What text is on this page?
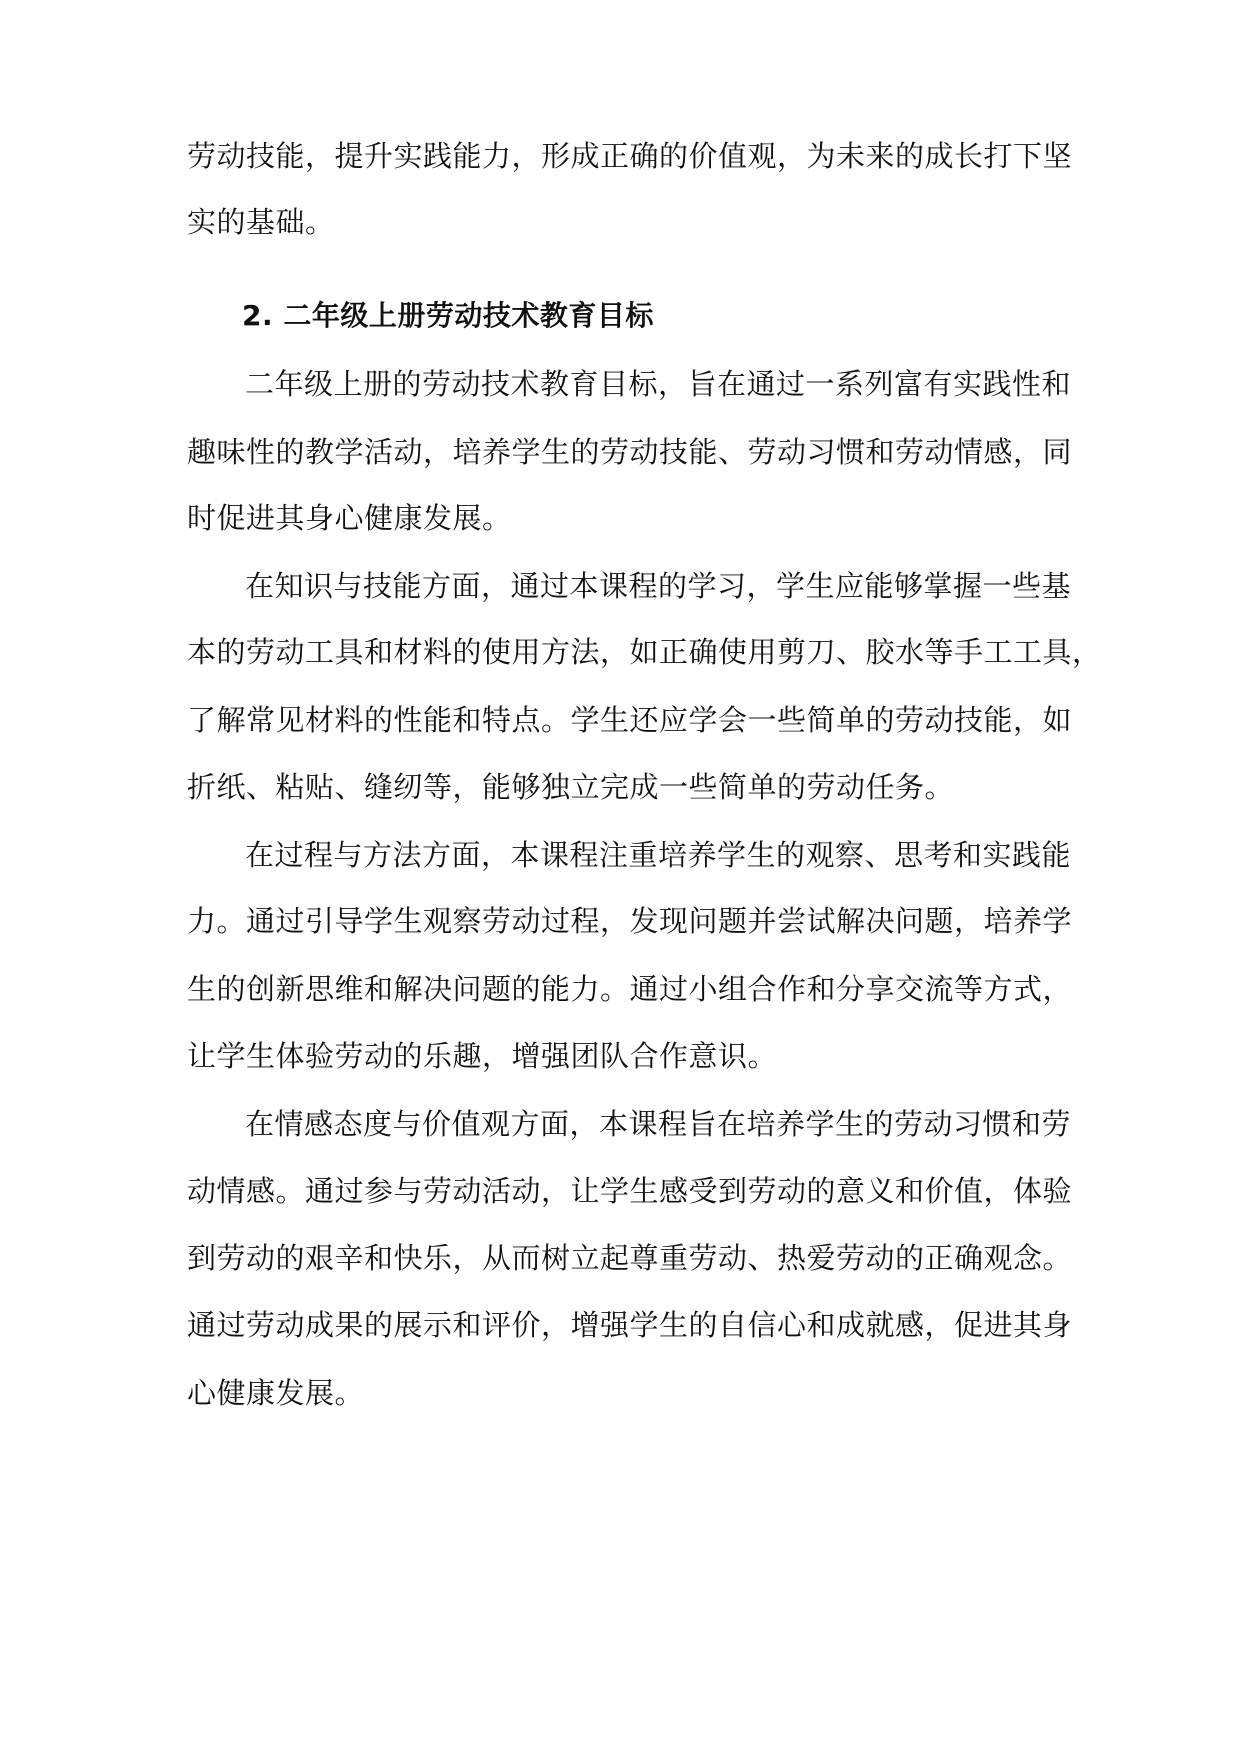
劳动技能，提升实践能力，形成正确的价值观，为未来的成长打下坚
实的基础。
2. 二年级上册劳动技术教育目标
二年级上册的劳动技术教育目标，旨在通过一系列富有实践性和
趣味性的教学活动，培养学生的劳动技能、劳动习惯和劳动情感，同
时促进其身心健康发展。
在知识与技能方面，通过本课程的学习，学生应能够掌握一些基
本的劳动工具和材料的使用方法，如正确使用剪刀、胶水等手工工具，
了解常见材料的性能和特点。学生还应学会一些简单的劳动技能，如
折纸、粘贴、缝纫等，能够独立完成一些简单的劳动任务。
在过程与方法方面，本课程注重培养学生的观察、思考和实践能
力。通过引导学生观察劳动过程，发现问题并尝试解决问题，培养学
生的创新思维和解决问题的能力。通过小组合作和分享交流等方式，
让学生体验劳动的乐趣，增强团队合作意识。
在情感态度与价值观方面，本课程旨在培养学生的劳动习惯和劳
动情感。通过参与劳动活动，让学生感受到劳动的意义和价值，体验
到劳动的艰辛和快乐，从而树立起尊重劳动、热爱劳动的正确观念。
通过劳动成果的展示和评价，增强学生的自信心和成就感，促进其身
心健康发展。
